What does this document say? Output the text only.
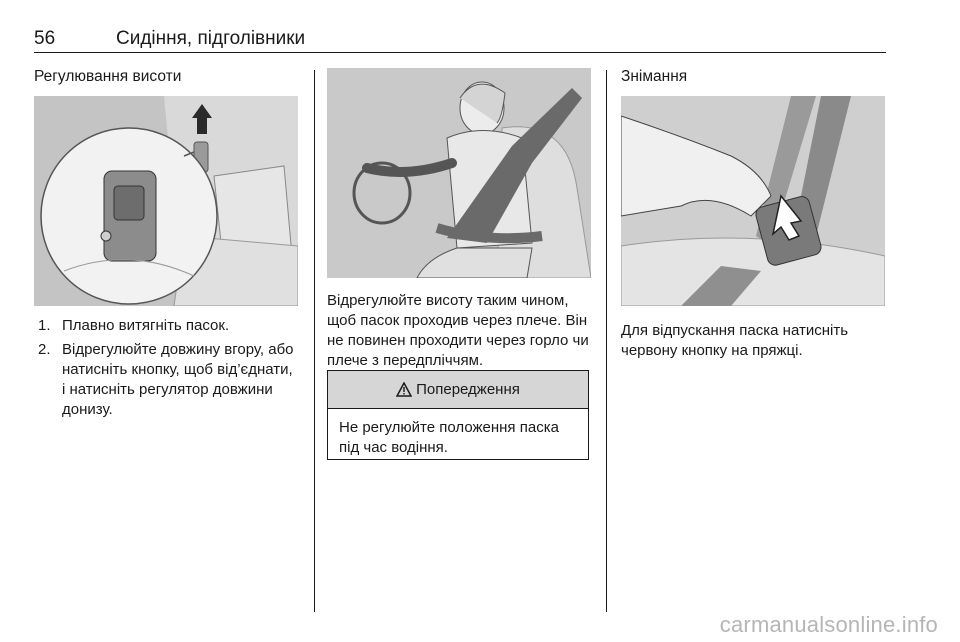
56	Сидіння, підголівники
Регулювання висоти
1. Плавно витягніть пасок.
2. Відрегулюйте довжину вгору, або натисніть кнопку, щоб від’єднати, і натисніть регулятор довжини донизу.

Відрегулюйте висоту таким чином, щоб пасок проходив через плече. Він не повинен проходити через горло чи плече з передпліччям.

Попередження
Не регулюйте положення паска під час водіння.
Знімання

Для відпускання паска натисніть червону кнопку на пряжці.

carmanualsonline.info
